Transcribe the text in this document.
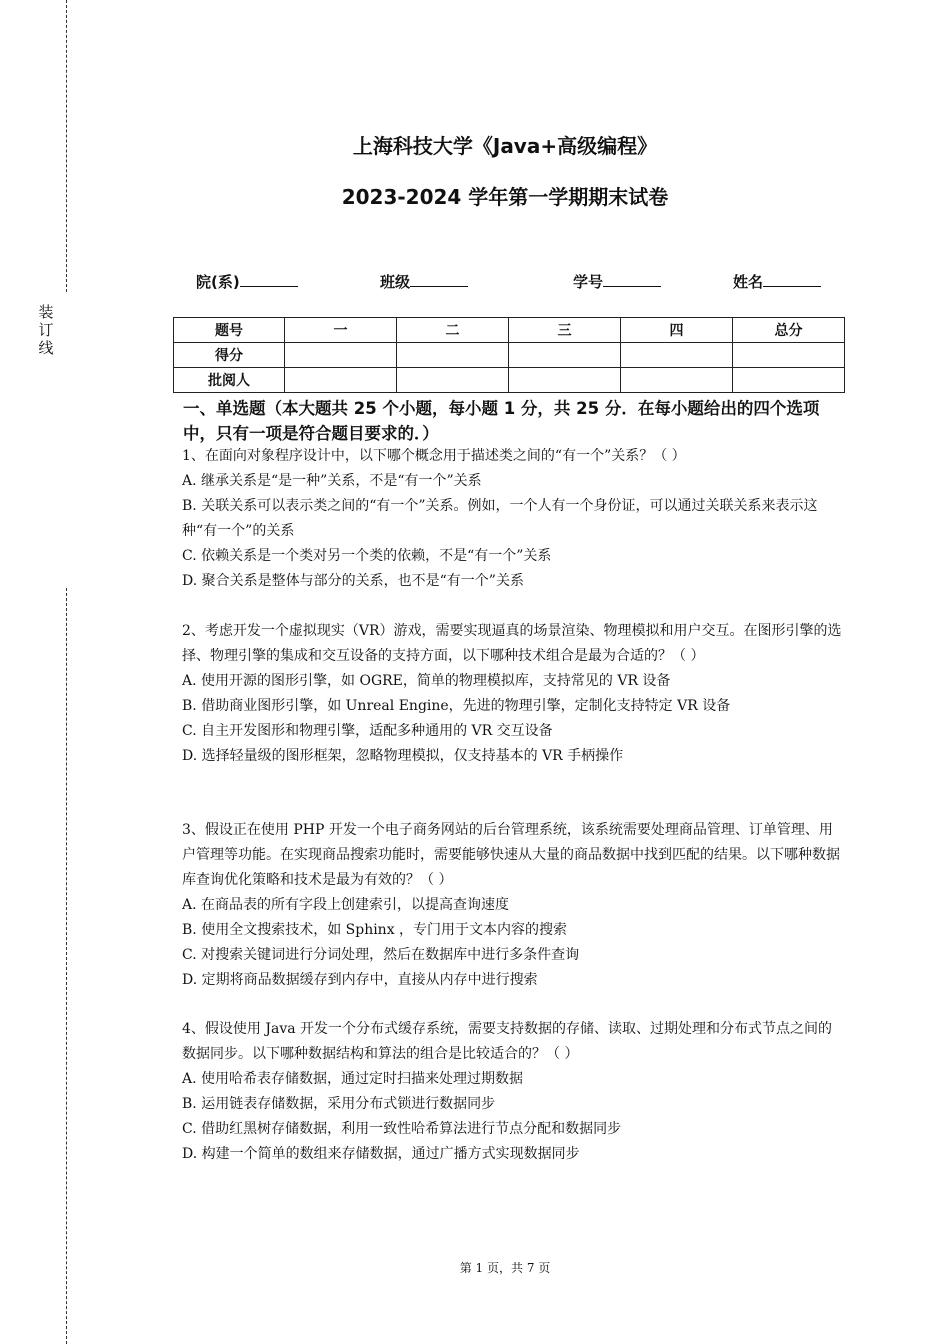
装
订
线
上海科技大学《Java+高级编程》
2023-2024 学年第一学期期末试卷
院(系)	班级	学号	姓名
题号	一	二	三	四	总分
得分					
批阅人					
一、单选题（本大题共 25 个小题，每小题 1 分，共 25 分．在每小题给出的四个选项中，只有一项是符合题目要求的．）

1、在面向对象程序设计中，以下哪个概念用于描述类之间的“有一个”关系？（ ）

A. 继承关系是“是一种”关系，不是“有一个”关系

B. 关联关系可以表示类之间的“有一个”关系。例如，一个人有一个身份证，可以通过关联关系来表示这种“有一个”的关系

C. 依赖关系是一个类对另一个类的依赖，不是“有一个”关系

D. 聚合关系是整体与部分的关系，也不是“有一个”关系

2、考虑开发一个虚拟现实（VR）游戏，需要实现逼真的场景渲染、物理模拟和用户交互。在图形引擎的选择、物理引擎的集成和交互设备的支持方面，以下哪种技术组合是最为合适的？（ ）

A. 使用开源的图形引擎，如 OGRE，简单的物理模拟库，支持常见的 VR 设备

B. 借助商业图形引擎，如 Unreal Engine，先进的物理引擎，定制化支持特定 VR 设备

C. 自主开发图形和物理引擎，适配多种通用的 VR 交互设备

D. 选择轻量级的图形框架，忽略物理模拟，仅支持基本的 VR 手柄操作

3、假设正在使用 PHP 开发一个电子商务网站的后台管理系统，该系统需要处理商品管理、订单管理、用户管理等功能。在实现商品搜索功能时，需要能够快速从大量的商品数据中找到匹配的结果。以下哪种数据库查询优化策略和技术是最为有效的？（ ）

A. 在商品表的所有字段上创建索引，以提高查询速度

B. 使用全文搜索技术，如 Sphinx ，专门用于文本内容的搜索

C. 对搜索关键词进行分词处理，然后在数据库中进行多条件查询

D. 定期将商品数据缓存到内存中，直接从内存中进行搜索

4、假设使用 Java 开发一个分布式缓存系统，需要支持数据的存储、读取、过期处理和分布式节点之间的数据同步。以下哪种数据结构和算法的组合是比较适合的？（ ）

A. 使用哈希表存储数据，通过定时扫描来处理过期数据

B. 运用链表存储数据，采用分布式锁进行数据同步

C. 借助红黑树存储数据，利用一致性哈希算法进行节点分配和数据同步

D. 构建一个简单的数组来存储数据，通过广播方式实现数据同步

第 1 页，共 7 页
